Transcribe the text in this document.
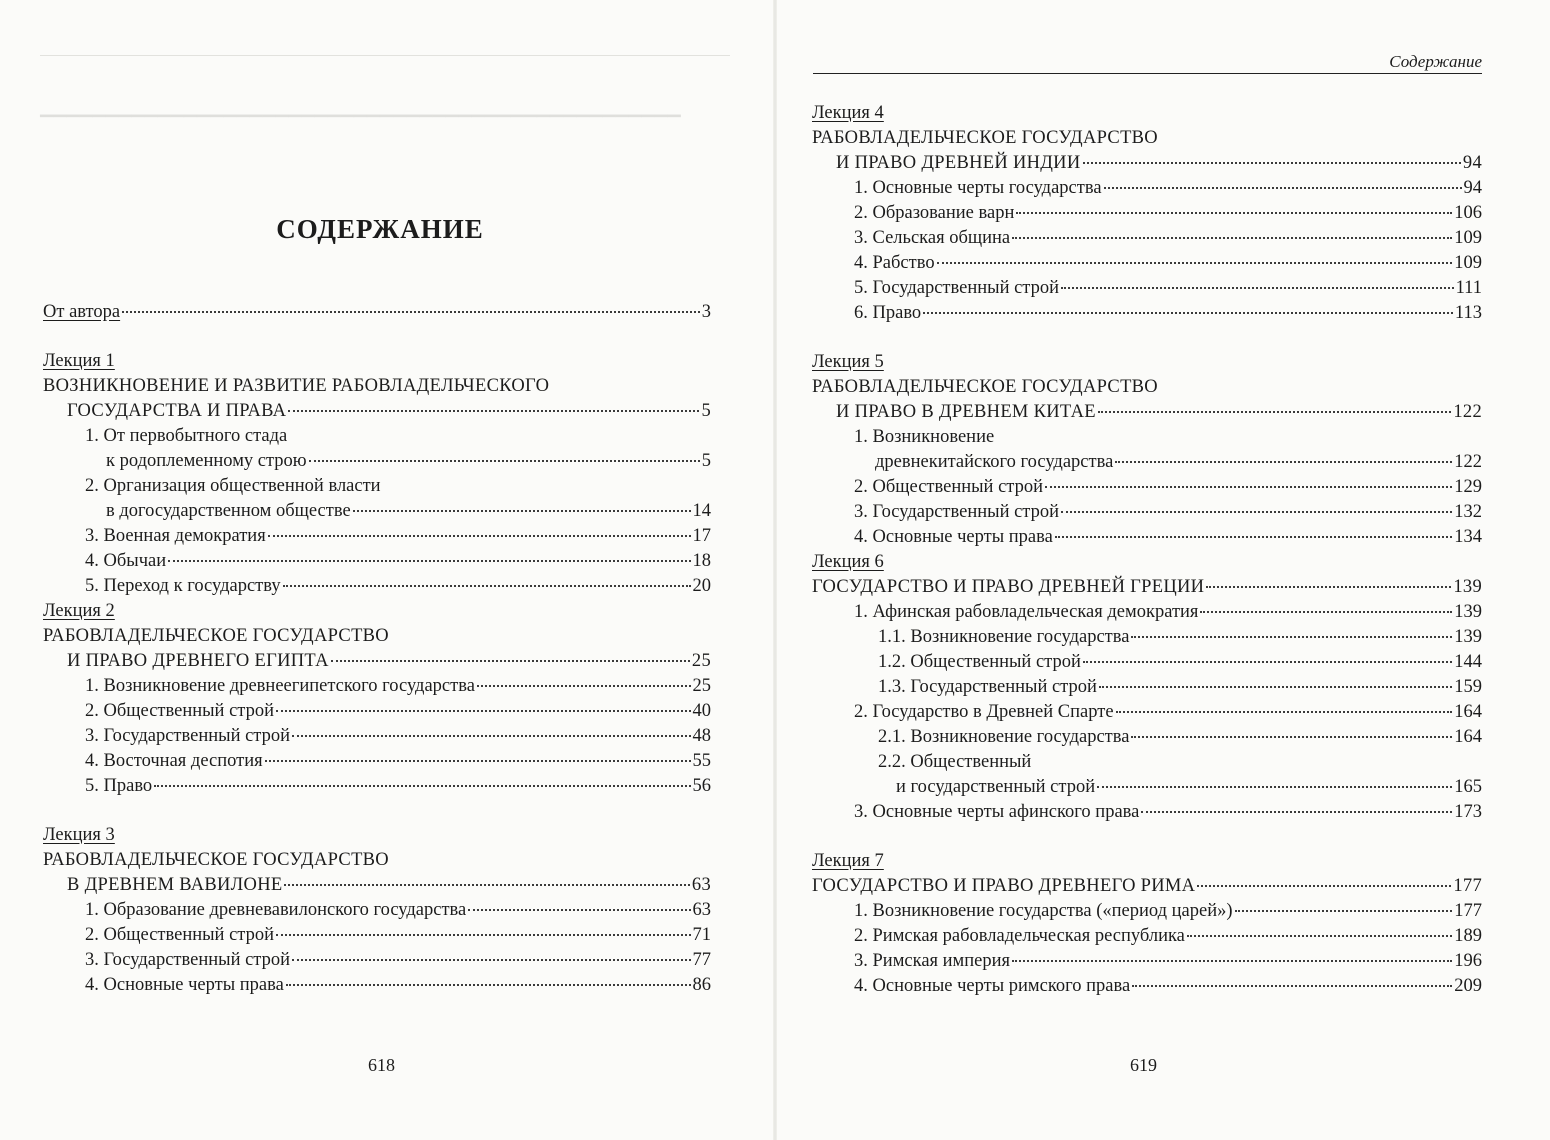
▁▁▁▁▁▁▁▁▁▁▁▁▁▁▁▁▁▁▁▁▁▁▁▁▁▁▁▁▁▁▁▁▁▁▁▁▁▁▁▁▁▁▁▁▁▁▁▁▁
СОДЕРЖАНИЕ
От автора	3
Лекция 1
ВОЗНИКНОВЕНИЕ И РАЗВИТИЕ РАБОВЛАДЕЛЬЧЕСКОГО
ГОСУДАРСТВА И ПРАВА	5
1. От первобытного стада
к родоплеменному строю	5
2. Организация общественной власти
в догосударственном обществе	14
3. Военная демократия	17
4. Обычаи	18
5. Переход к государству	20
Лекция 2
РАБОВЛАДЕЛЬЧЕСКОЕ ГОСУДАРСТВО
И ПРАВО ДРЕВНЕГО ЕГИПТА	25
1. Возникновение древнеегипетского государства	25
2. Общественный строй	40
3. Государственный строй	48
4. Восточная деспотия	55
5. Право	56
Лекция 3
РАБОВЛАДЕЛЬЧЕСКОЕ ГОСУДАРСТВО
В ДРЕВНЕМ ВАВИЛОНЕ	63
1. Образование древневавилонского государства	63
2. Общественный строй	71
3. Государственный строй	77
4. Основные черты права	86
618
Содержание
Лекция 4
РАБОВЛАДЕЛЬЧЕСКОЕ ГОСУДАРСТВО
И ПРАВО ДРЕВНЕЙ ИНДИИ	94
1. Основные черты государства	94
2. Образование варн	106
3. Сельская община	109
4. Рабство	109
5. Государственный строй	111
6. Право	113
Лекция 5
РАБОВЛАДЕЛЬЧЕСКОЕ ГОСУДАРСТВО
И ПРАВО В ДРЕВНЕМ КИТАЕ	122
1. Возникновение
древнекитайского государства	122
2. Общественный строй	129
3. Государственный строй	132
4. Основные черты права	134
Лекция 6
ГОСУДАРСТВО И ПРАВО ДРЕВНЕЙ ГРЕЦИИ	139
1. Афинская рабовладельческая демократия	139
1.1. Возникновение государства	139
1.2. Общественный строй	144
1.3. Государственный строй	159
2. Государство в Древней Спарте	164
2.1. Возникновение государства	164
2.2. Общественный
и государственный строй	165
3. Основные черты афинского права	173
Лекция 7
ГОСУДАРСТВО И ПРАВО ДРЕВНЕГО РИМА	177
1. Возникновение государства («период царей»)	177
2. Римская рабовладельческая республика	189
3. Римская империя	196
4. Основные черты римского права	209
619
